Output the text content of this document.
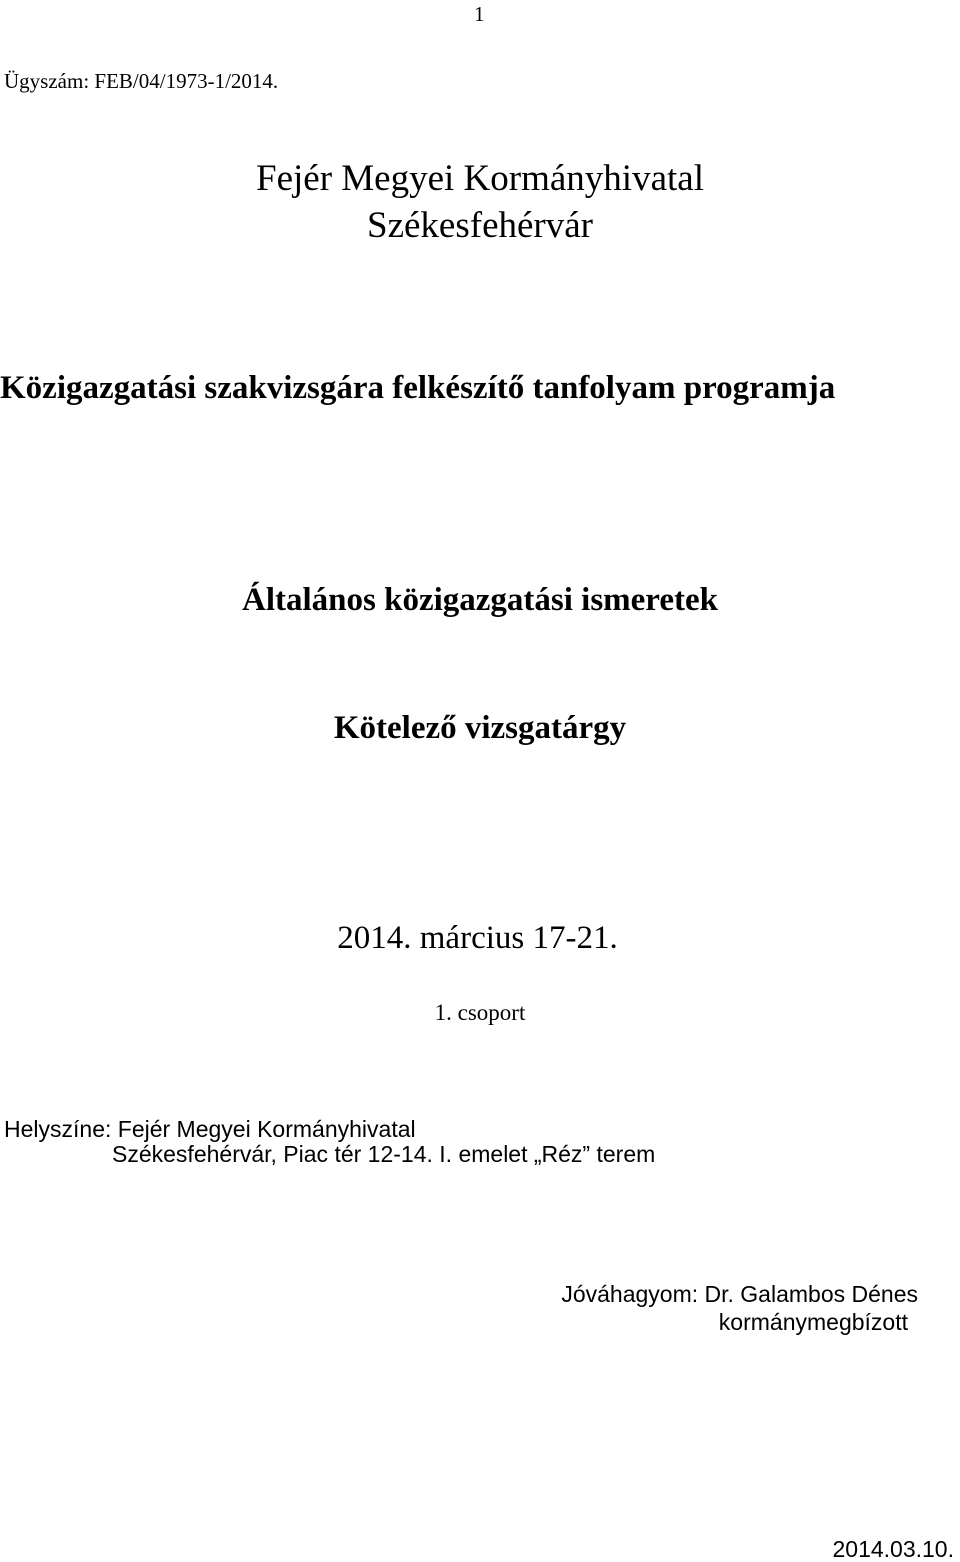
1
Ügyszám: FEB/04/1973-1/2014.
Fejér Megyei Kormányhivatal
Székesfehérvár
Közigazgatási szakvizsgára felkészítő tanfolyam programja
Általános közigazgatási ismeretek
Kötelező vizsgatárgy
2014. március 17-21.
1. csoport
Helyszíne: Fejér Megyei Kormányhivatal
Székesfehérvár, Piac tér 12-14. I. emelet „Réz” terem
Jóváhagyom: Dr. Galambos Dénes
kormánymegbízott
2014.03.10.
